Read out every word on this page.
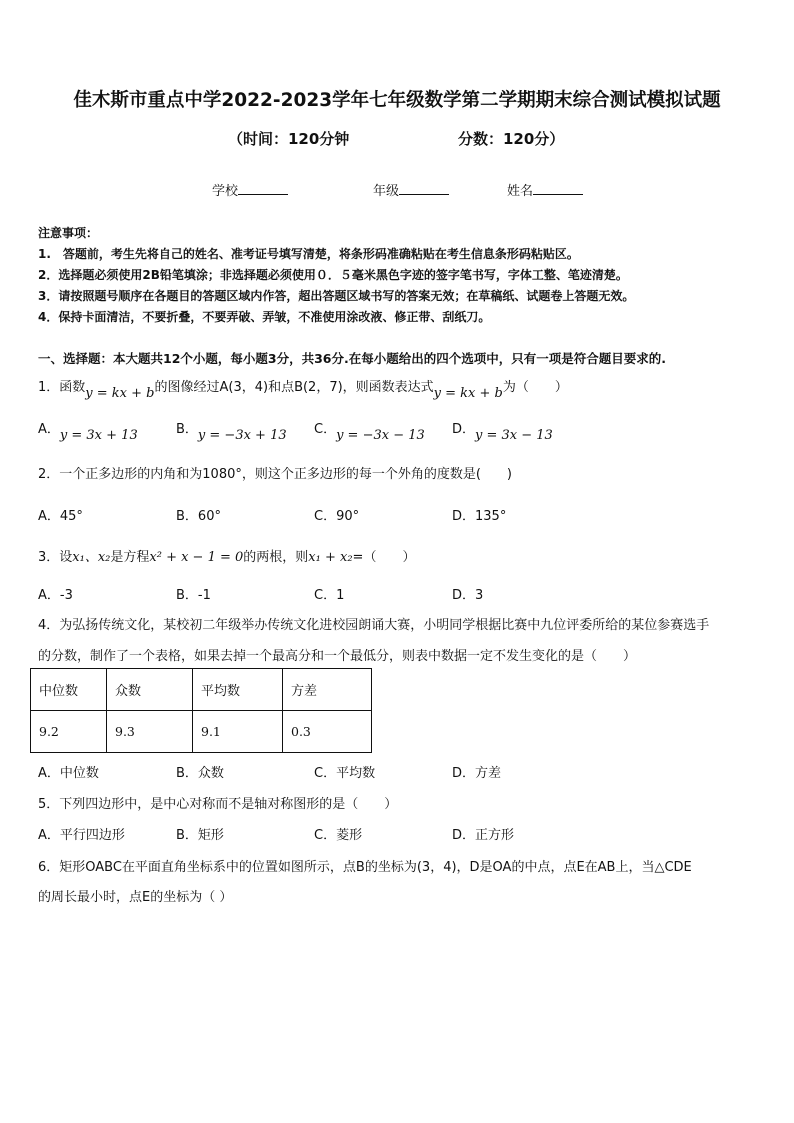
佳木斯市重点中学2022-2023学年七年级数学第二学期期末综合测试模拟试题
（时间：120分钟	分数：120分）
学校	年级	姓名
注意事项：
1.　答题前，考生先将自己的姓名、准考证号填写清楚，将条形码准确粘贴在考生信息条形码粘贴区。
2．选择题必须使用2B铅笔填涂；非选择题必须使用０．５毫米黑色字迹的签字笔书写，字体工整、笔迹清楚。
3．请按照题号顺序在各题目的答题区域内作答，超出答题区域书写的答案无效；在草稿纸、试题卷上答题无效。
4．保持卡面清洁，不要折叠，不要弄破、弄皱，不准使用涂改液、修正带、刮纸刀。
一、选择题：本大题共12个小题，每小题3分，共36分.在每小题给出的四个选项中，只有一项是符合题目要求的.
1．函数y = kx + b的图像经过A(3，4)和点B(2，7)，则函数表达式y = kx + b为（　　）
A．y = 3x + 13	B．y = −3x + 13 C．y = −3x − 13 D．y = 3x − 13
2．一个正多边形的内角和为1080°，则这个正多边形的每一个外角的度数是(　　)
A．45°	B．60°	C．90°	D．135°
3．设x₁、x₂是方程x² + x − 1 = 0的两根，则x₁ + x₂=（　　）
A．-3	B．-1	C．1	D．3
4．为弘扬传统文化，某校初二年级举办传统文化进校园朗诵大赛，小明同学根据比赛中九位评委所给的某位参赛选手
的分数，制作了一个表格，如果去掉一个最高分和一个最低分，则表中数据一定不发生变化的是（　　）
中位数	众数	平均数	方差
9.2	9.3	9.1	0.3
A．中位数	B．众数	C．平均数	D．方差
5．下列四边形中，是中心对称而不是轴对称图形的是（　　）
A．平行四边形	B．矩形	C．菱形	D．正方形
6．矩形OABC在平面直角坐标系中的位置如图所示，点B的坐标为(3，4)，D是OA的中点，点E在AB上，当△CDE
的周长最小时，点E的坐标为（ ）
